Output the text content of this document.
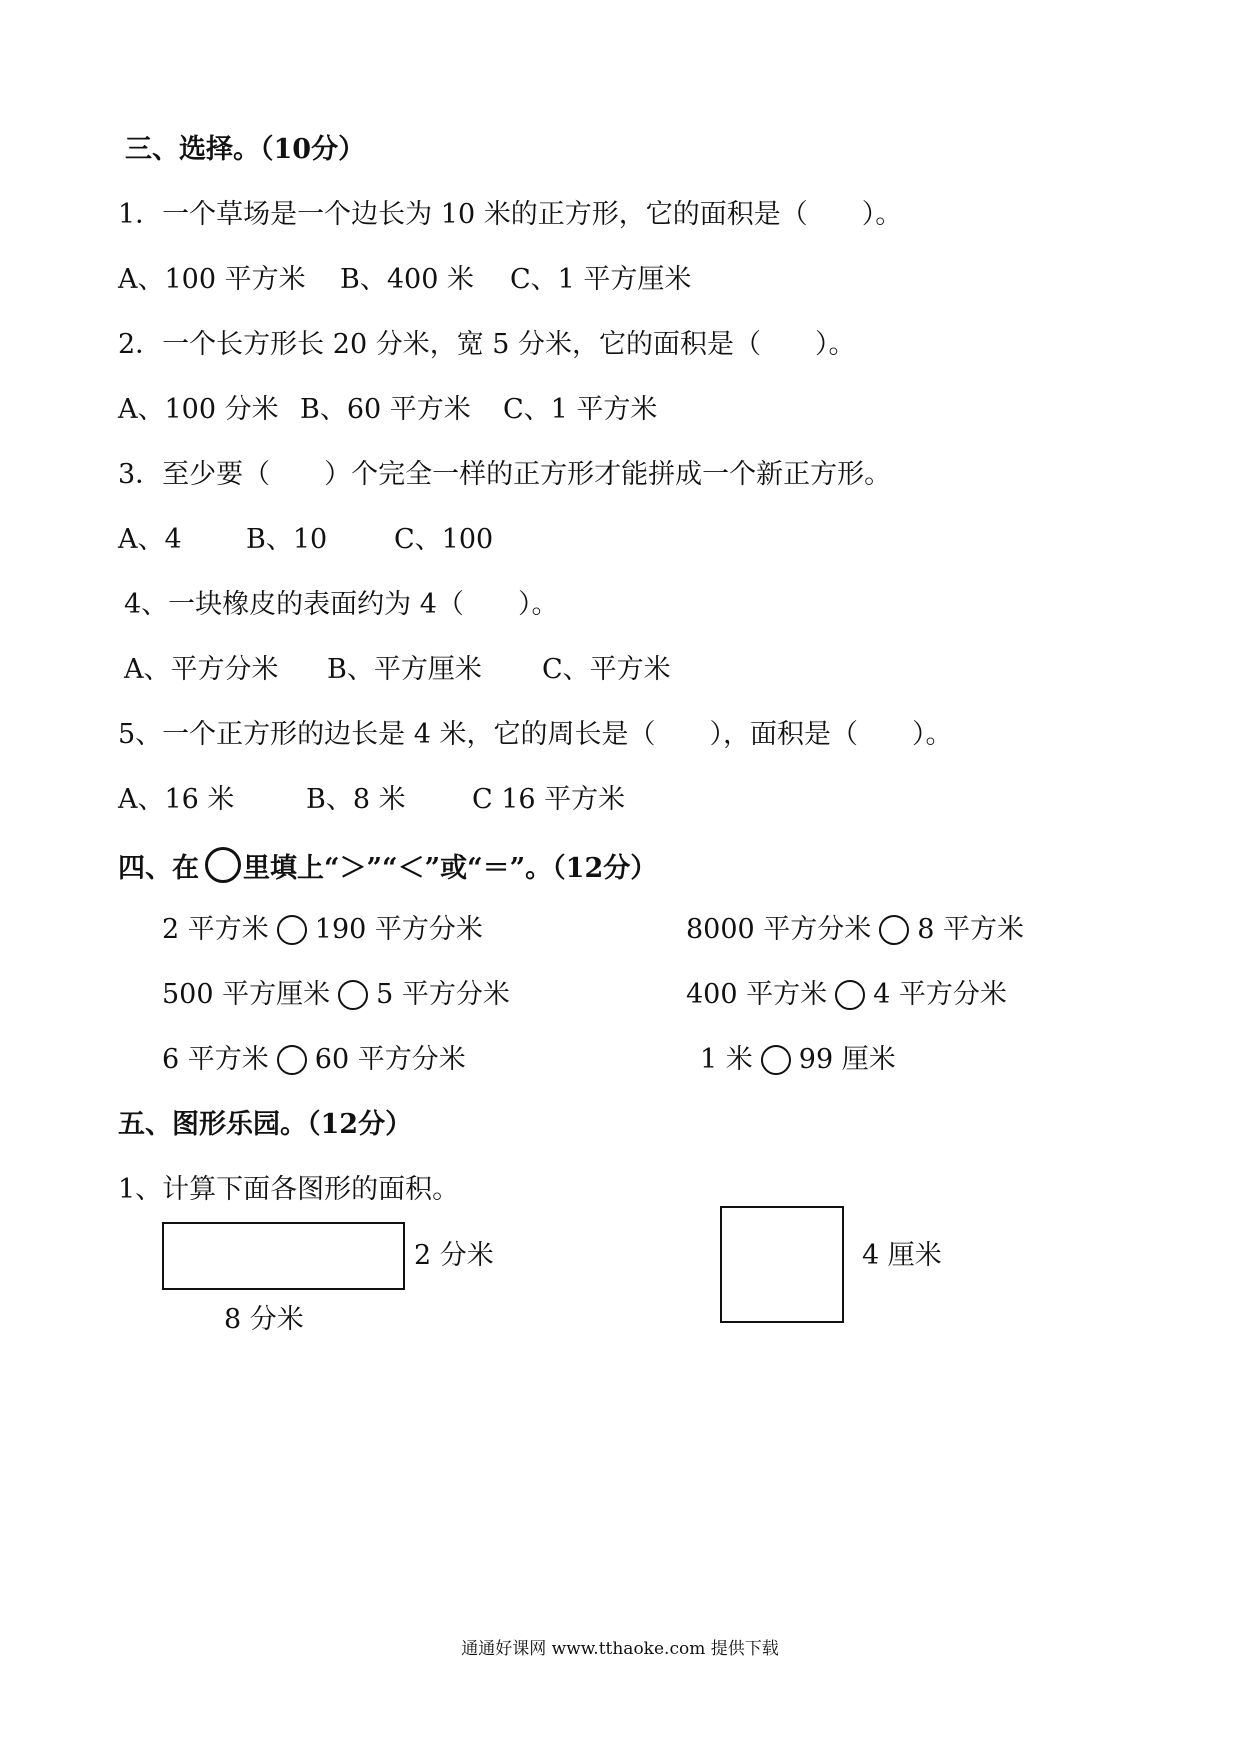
三、选择。（10分）
1．一个草场是一个边长为 10 米的正方形，它的面积是（　　）。
A、100 平方米 B、400 米 C、1 平方厘米
2．一个长方形长 20 分米，宽 5 分米，它的面积是（　　）。
A、100 分米 B、60 平方米 C、1 平方米
3．至少要（　　）个完全一样的正方形才能拼成一个新正方形。
A、4 B、10 C、100
4、一块橡皮的表面约为 4（　　）。
A、平方分米 B、平方厘米 C、平方米
5、一个正方形的边长是 4 米，它的周长是（　　），面积是（　　）。
A、16 米	B、8 米 C 16 平方米
四、在 里填上“＞”“＜”或“＝”。（12分）
2 平方米 190 平方分米	8000 平方分米 8 平方米
500 平方厘米 5 平方分米	400 平方米 4 平方分米
6 平方米 60 平方分米	1 米 99 厘米
五、图形乐园。（12分）
1、计算下面各图形的面积。
2 分米
8 分米
4 厘米
通通好课网 www.tthaoke.com 提供下载
